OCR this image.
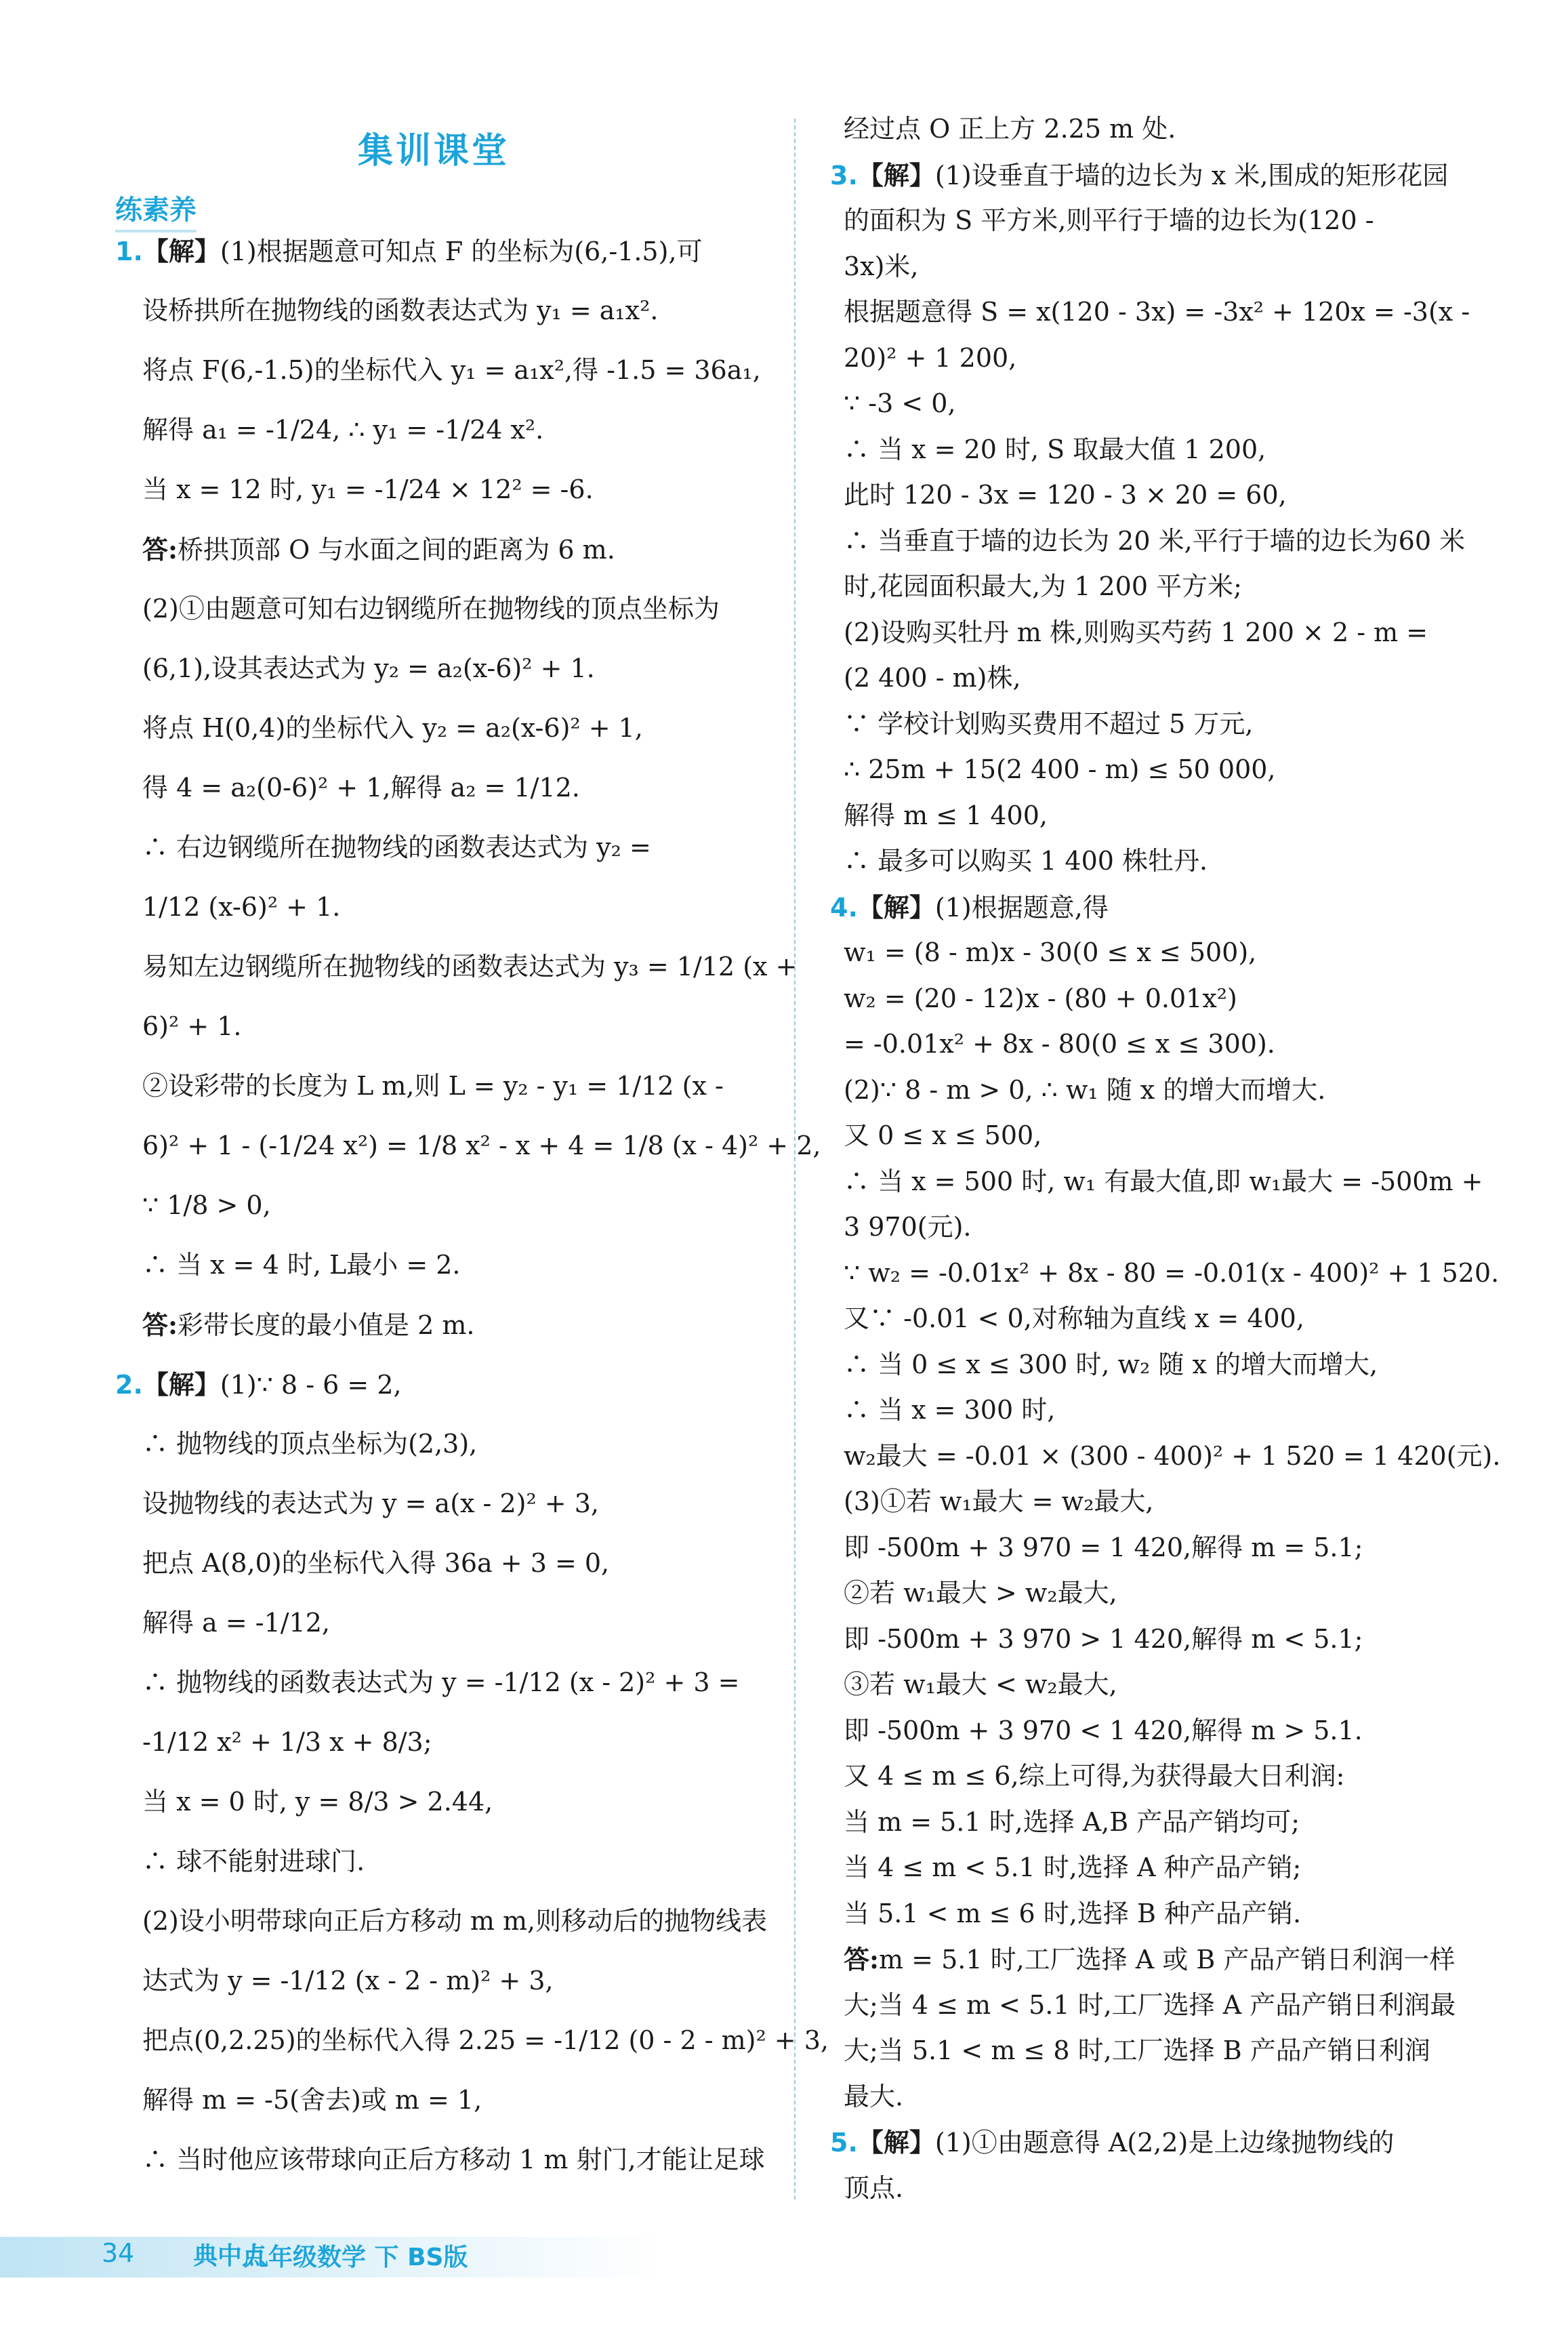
集训课堂
练素养
1.【解】(1)根据题意可知点 F 的坐标为(6,-1.5),可
设桥拱所在抛物线的函数表达式为 y₁ = a₁x².
将点 F(6,-1.5)的坐标代入 y₁ = a₁x²,得 -1.5 = 36a₁,
解得 a₁ = -1/24, ∴ y₁ = -1/24 x².
当 x = 12 时, y₁ = -1/24 × 12² = -6.
答:桥拱顶部 O 与水面之间的距离为 6 m.
(2)①由题意可知右边钢缆所在抛物线的顶点坐标为
(6,1),设其表达式为 y₂ = a₂(x-6)² + 1.
将点 H(0,4)的坐标代入 y₂ = a₂(x-6)² + 1,
得 4 = a₂(0-6)² + 1,解得 a₂ = 1/12.
∴ 右边钢缆所在抛物线的函数表达式为 y₂ =
1/12 (x-6)² + 1.
易知左边钢缆所在抛物线的函数表达式为 y₃ = 1/12 (x +
6)² + 1.
②设彩带的长度为 L m,则 L = y₂ - y₁ = 1/12 (x -
6)² + 1 - (-1/24 x²) = 1/8 x² - x + 4 = 1/8 (x - 4)² + 2,
∵ 1/8 > 0,
∴ 当 x = 4 时, L最小 = 2.
答:彩带长度的最小值是 2 m.
2.【解】(1)∵ 8 - 6 = 2,
∴ 抛物线的顶点坐标为(2,3),
设抛物线的表达式为 y = a(x - 2)² + 3,
把点 A(8,0)的坐标代入得 36a + 3 = 0,
解得 a = -1/12,
∴ 抛物线的函数表达式为 y = -1/12 (x - 2)² + 3 =
-1/12 x² + 1/3 x + 8/3;
当 x = 0 时, y = 8/3 > 2.44,
∴ 球不能射进球门.
(2)设小明带球向正后方移动 m m,则移动后的抛物线表
达式为 y = -1/12 (x - 2 - m)² + 3,
把点(0,2.25)的坐标代入得 2.25 = -1/12 (0 - 2 - m)² + 3,
解得 m = -5(舍去)或 m = 1,
∴ 当时他应该带球向正后方移动 1 m 射门,才能让足球
经过点 O 正上方 2.25 m 处.
3.【解】(1)设垂直于墙的边长为 x 米,围成的矩形花园
的面积为 S 平方米,则平行于墙的边长为(120 -
3x)米,
根据题意得 S = x(120 - 3x) = -3x² + 120x = -3(x -
20)² + 1 200,
∵ -3 < 0,
∴ 当 x = 20 时, S 取最大值 1 200,
此时 120 - 3x = 120 - 3 × 20 = 60,
∴ 当垂直于墙的边长为 20 米,平行于墙的边长为60 米
时,花园面积最大,为 1 200 平方米;
(2)设购买牡丹 m 株,则购买芍药 1 200 × 2 - m =
(2 400 - m)株,
∵ 学校计划购买费用不超过 5 万元,
∴ 25m + 15(2 400 - m) ≤ 50 000,
解得 m ≤ 1 400,
∴ 最多可以购买 1 400 株牡丹.
4.【解】(1)根据题意,得
w₁ = (8 - m)x - 30(0 ≤ x ≤ 500),
w₂ = (20 - 12)x - (80 + 0.01x²)
= -0.01x² + 8x - 80(0 ≤ x ≤ 300).
(2)∵ 8 - m > 0, ∴ w₁ 随 x 的增大而增大.
又 0 ≤ x ≤ 500,
∴ 当 x = 500 时, w₁ 有最大值,即 w₁最大 = -500m +
3 970(元).
∵ w₂ = -0.01x² + 8x - 80 = -0.01(x - 400)² + 1 520.
又∵ -0.01 < 0,对称轴为直线 x = 400,
∴ 当 0 ≤ x ≤ 300 时, w₂ 随 x 的增大而增大,
∴ 当 x = 300 时,
w₂最大 = -0.01 × (300 - 400)² + 1 520 = 1 420(元).
(3)①若 w₁最大 = w₂最大,
即 -500m + 3 970 = 1 420,解得 m = 5.1;
②若 w₁最大 > w₂最大,
即 -500m + 3 970 > 1 420,解得 m < 5.1;
③若 w₁最大 < w₂最大,
即 -500m + 3 970 < 1 420,解得 m > 5.1.
又 4 ≤ m ≤ 6,综上可得,为获得最大日利润:
当 m = 5.1 时,选择 A,B 产品产销均可;
当 4 ≤ m < 5.1 时,选择 A 种产品产销;
当 5.1 < m ≤ 6 时,选择 B 种产品产销.
答:m = 5.1 时,工厂选择 A 或 B 产品产销日利润一样
大;当 4 ≤ m < 5.1 时,工厂选择 A 产品产销日利润最
大;当 5.1 < m ≤ 8 时,工厂选择 B 产品产销日利润
最大.
5.【解】(1)①由题意得 A(2,2)是上边缘抛物线的
顶点.
34 典中点
九年级数学 下 BS版
